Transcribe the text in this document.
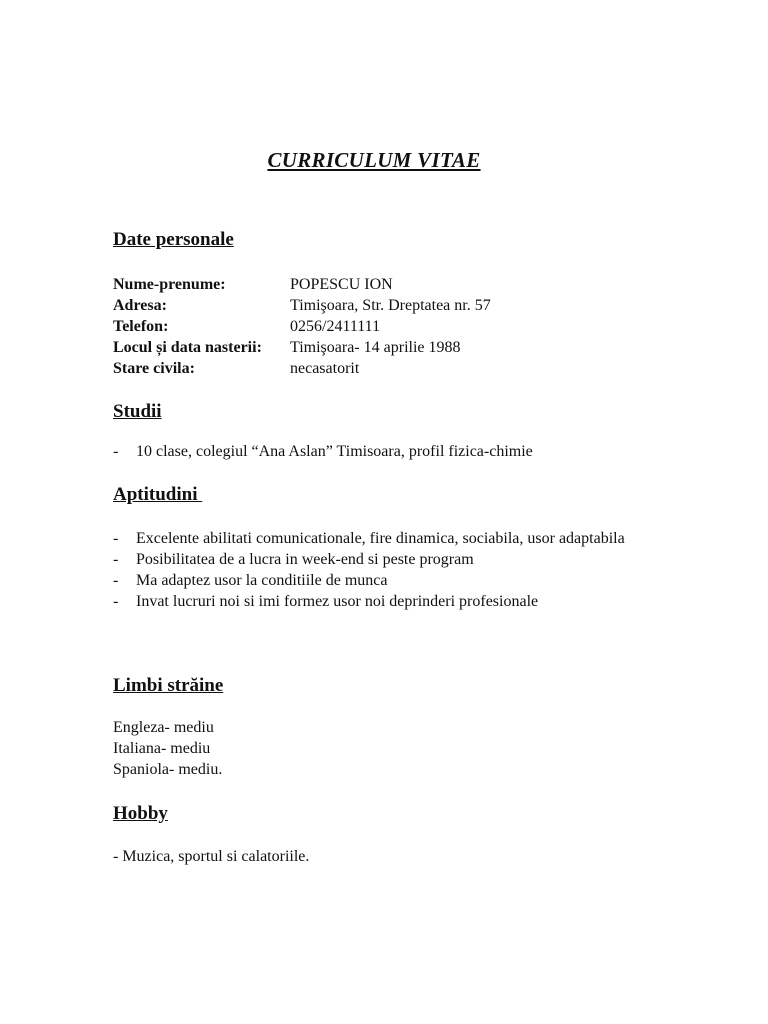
CURRICULUM VITAE
Date personale
Nume-prenume:	POPESCU ION
Adresa:	Timişoara, Str. Dreptatea nr. 57
Telefon:	0256/2411111
Locul și data nasterii:	Timişoara- 14 aprilie 1988
Stare civila:	necasatorit
Studii
-	10 clase, colegiul “Ana Aslan” Timisoara, profil fizica-chimie
Aptitudini
-	Excelente abilitati comunicationale, fire dinamica, sociabila, usor adaptabila
-	Posibilitatea de a lucra in week-end si peste program
-	Ma adaptez usor la conditiile de munca
-	Invat lucruri noi si imi formez usor noi deprinderi profesionale
Limbi străine
Engleza- mediu
Italiana- mediu
Spaniola- mediu.
Hobby
- Muzica, sportul si calatoriile.
